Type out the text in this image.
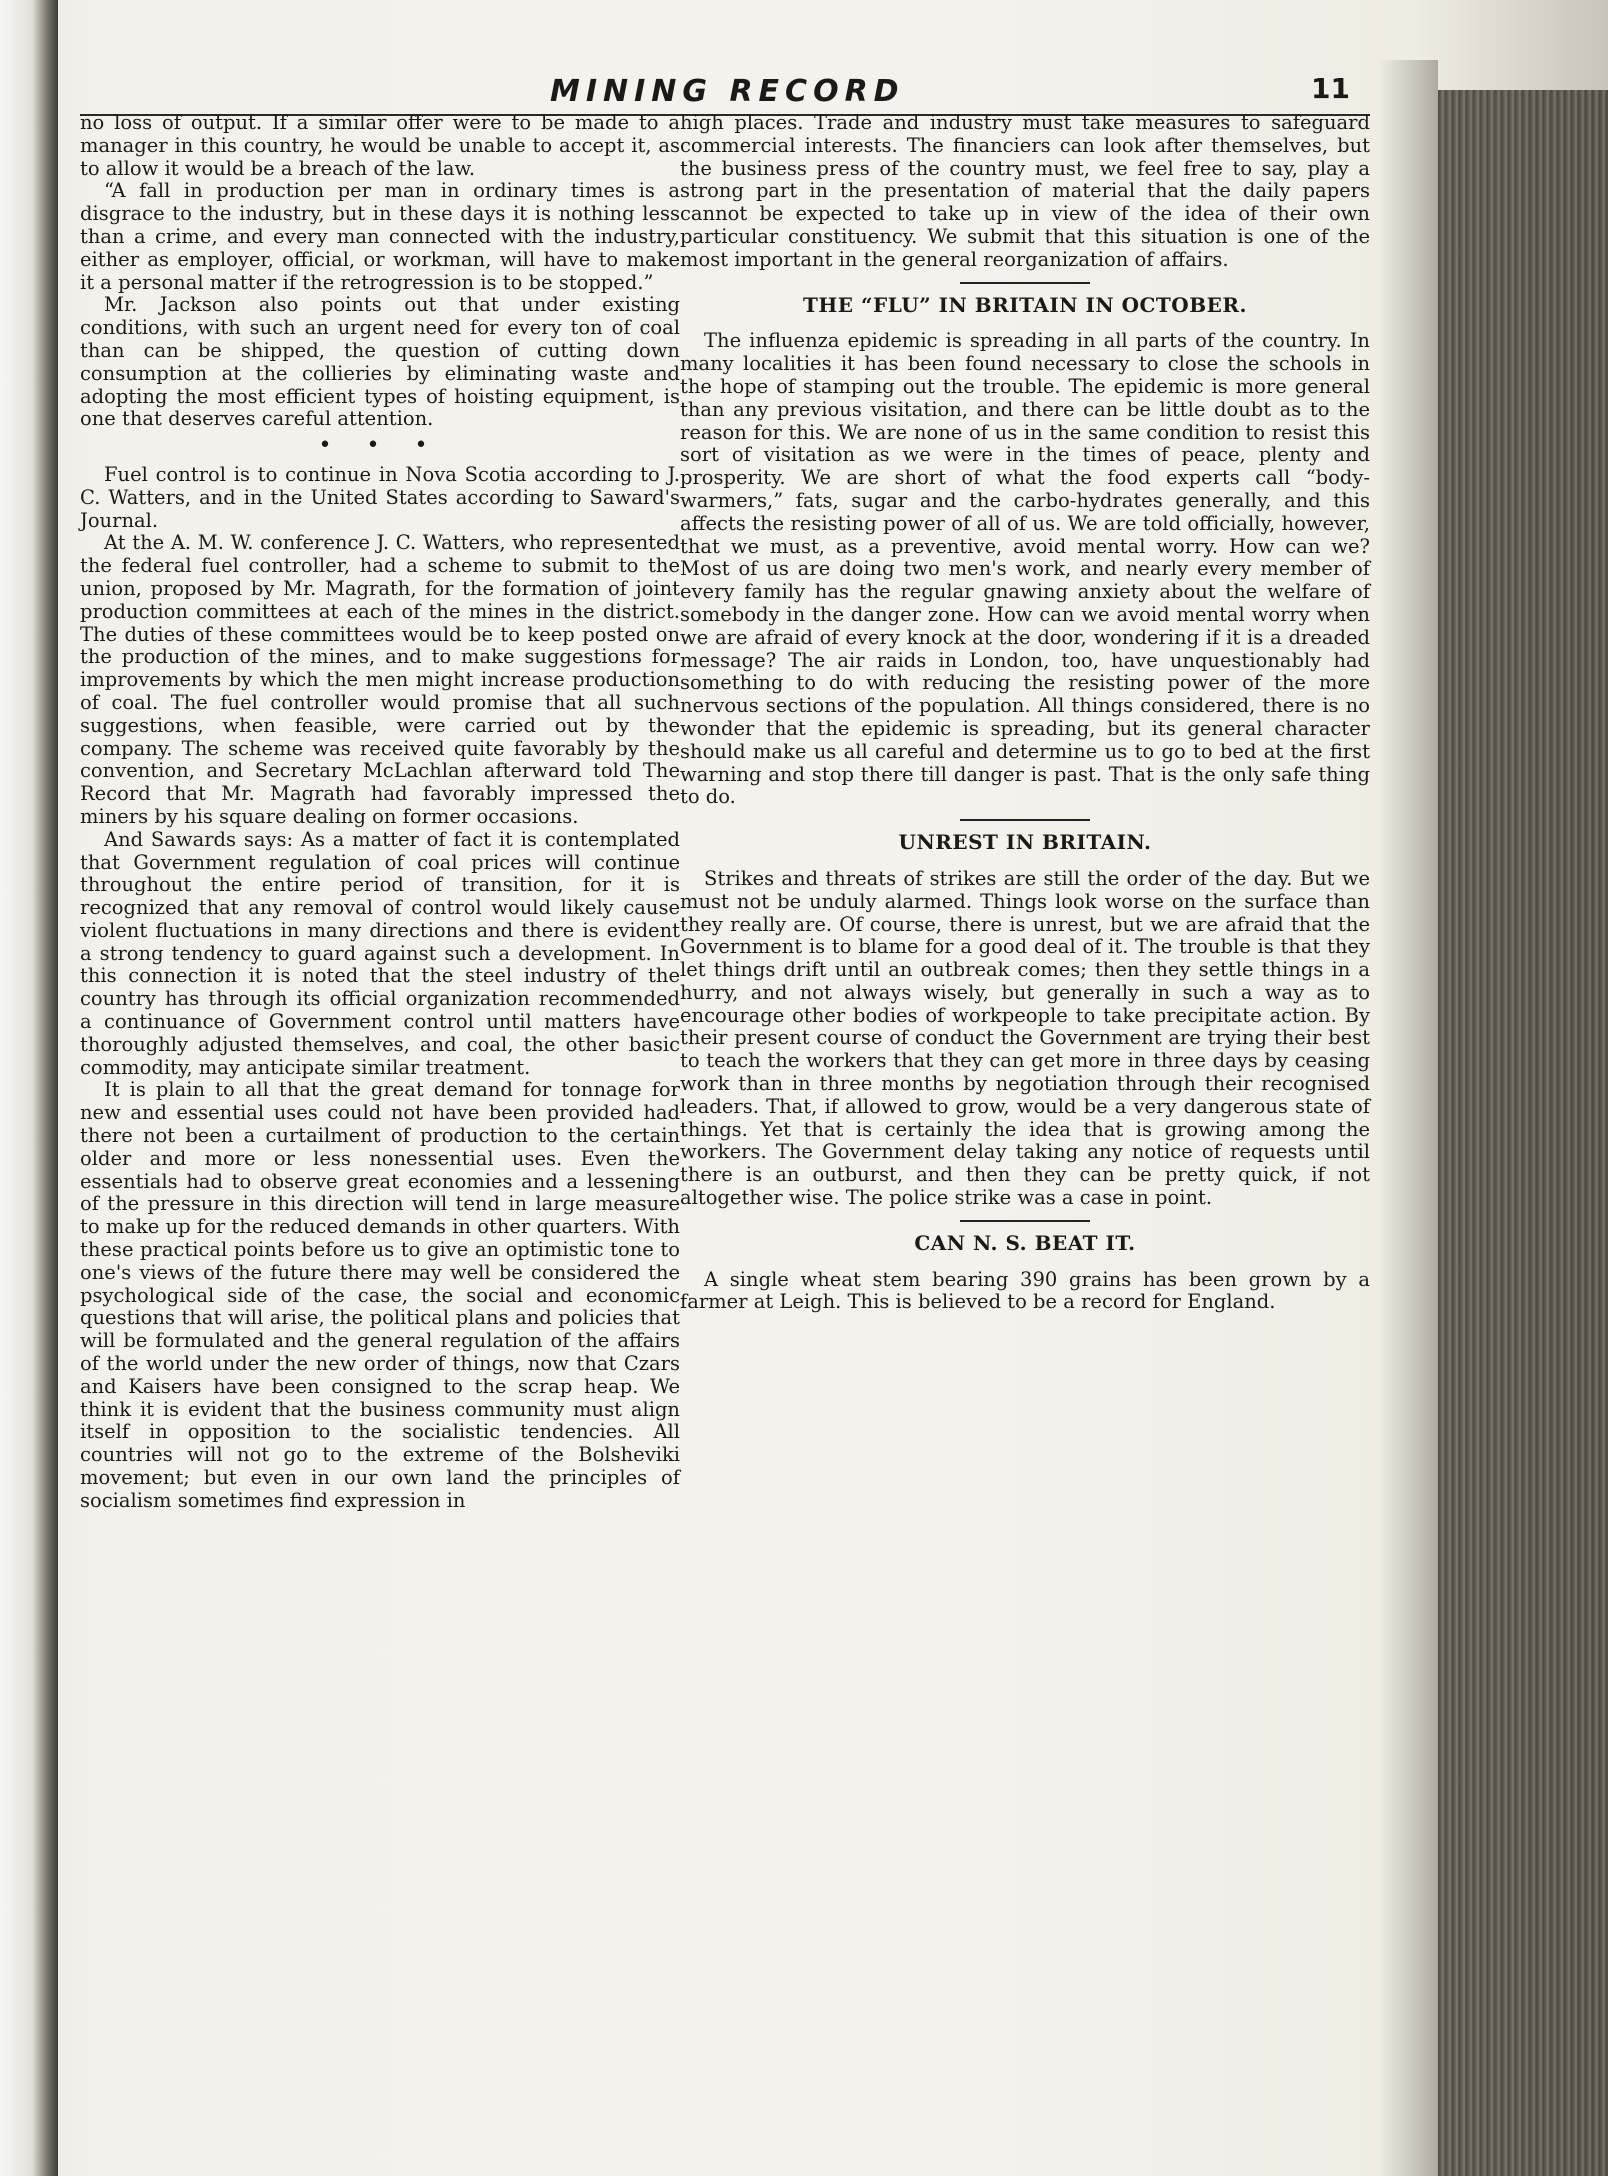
MINING RECORD	11

no loss of output. If a similar offer were to be made to a manager in this country, he would be unable to accept it, as to allow it would be a breach of the law.

“A fall in production per man in ordinary times is a disgrace to the industry, but in these days it is nothing less than a crime, and every man connected with the industry, either as employer, official, or workman, will have to make it a personal matter if the retrogression is to be stopped.”

Mr. Jackson also points out that under existing conditions, with such an urgent need for every ton of coal than can be shipped, the question of cutting down consumption at the collieries by eliminating waste and adopting the most efficient types of hoisting equipment, is one that deserves careful attention.

• • •

Fuel control is to continue in Nova Scotia according to J. C. Watters, and in the United States according to Saward's Journal.

At the A. M. W. conference J. C. Watters, who represented the federal fuel controller, had a scheme to submit to the union, proposed by Mr. Magrath, for the formation of joint production committees at each of the mines in the district. The duties of these committees would be to keep posted on the production of the mines, and to make suggestions for improvements by which the men might increase production of coal. The fuel controller would promise that all such suggestions, when feasible, were carried out by the company. The scheme was received quite favorably by the convention, and Secretary McLachlan afterward told The Record that Mr. Magrath had favorably impressed the miners by his square dealing on former occasions.

And Sawards says: As a matter of fact it is contemplated that Government regulation of coal prices will continue throughout the entire period of transition, for it is recognized that any removal of control would likely cause violent fluctuations in many directions and there is evident a strong tendency to guard against such a development. In this connection it is noted that the steel industry of the country has through its official organization recommended a continuance of Government control until matters have thoroughly adjusted themselves, and coal, the other basic commodity, may anticipate similar treatment.

It is plain to all that the great demand for tonnage for new and essential uses could not have been provided had there not been a curtailment of production to the certain older and more or less nonessential uses. Even the essentials had to observe great economies and a lessening of the pressure in this direction will tend in large measure to make up for the reduced demands in other quarters. With these practical points before us to give an optimistic tone to one's views of the future there may well be considered the psychological side of the case, the social and economic questions that will arise, the political plans and policies that will be formulated and the general regulation of the affairs of the world under the new order of things, now that Czars and Kaisers have been consigned to the scrap heap. We think it is evident that the business community must align itself in opposition to the socialistic tendencies. All countries will not go to the extreme of the Bolsheviki movement; but even in our own land the principles of socialism sometimes find expression in

high places. Trade and industry must take measures to safeguard commercial interests. The financiers can look after themselves, but the business press of the country must, we feel free to say, play a strong part in the presentation of material that the daily papers cannot be expected to take up in view of the idea of their own particular constituency. We submit that this situation is one of the most important in the general reorganization of affairs.

THE “FLU” IN BRITAIN IN OCTOBER.

The influenza epidemic is spreading in all parts of the country. In many localities it has been found necessary to close the schools in the hope of stamping out the trouble. The epidemic is more general than any previous visitation, and there can be little doubt as to the reason for this. We are none of us in the same condition to resist this sort of visitation as we were in the times of peace, plenty and prosperity. We are short of what the food experts call “body-warmers,” fats, sugar and the carbo-hydrates generally, and this affects the resisting power of all of us. We are told officially, however, that we must, as a preventive, avoid mental worry. How can we? Most of us are doing two men's work, and nearly every member of every family has the regular gnawing anxiety about the welfare of somebody in the danger zone. How can we avoid mental worry when we are afraid of every knock at the door, wondering if it is a dreaded message? The air raids in London, too, have unquestionably had something to do with reducing the resisting power of the more nervous sections of the population. All things considered, there is no wonder that the epidemic is spreading, but its general character should make us all careful and determine us to go to bed at the first warning and stop there till danger is past. That is the only safe thing to do.

UNREST IN BRITAIN.

Strikes and threats of strikes are still the order of the day. But we must not be unduly alarmed. Things look worse on the surface than they really are. Of course, there is unrest, but we are afraid that the Government is to blame for a good deal of it. The trouble is that they let things drift until an outbreak comes; then they settle things in a hurry, and not always wisely, but generally in such a way as to encourage other bodies of workpeople to take precipitate action. By their present course of conduct the Government are trying their best to teach the workers that they can get more in three days by ceasing work than in three months by negotiation through their recognised leaders. That, if allowed to grow, would be a very dangerous state of things. Yet that is certainly the idea that is growing among the workers. The Government delay taking any notice of requests until there is an outburst, and then they can be pretty quick, if not altogether wise. The police strike was a case in point.

CAN N. S. BEAT IT.

A single wheat stem bearing 390 grains has been grown by a farmer at Leigh. This is believed to be a record for England.
